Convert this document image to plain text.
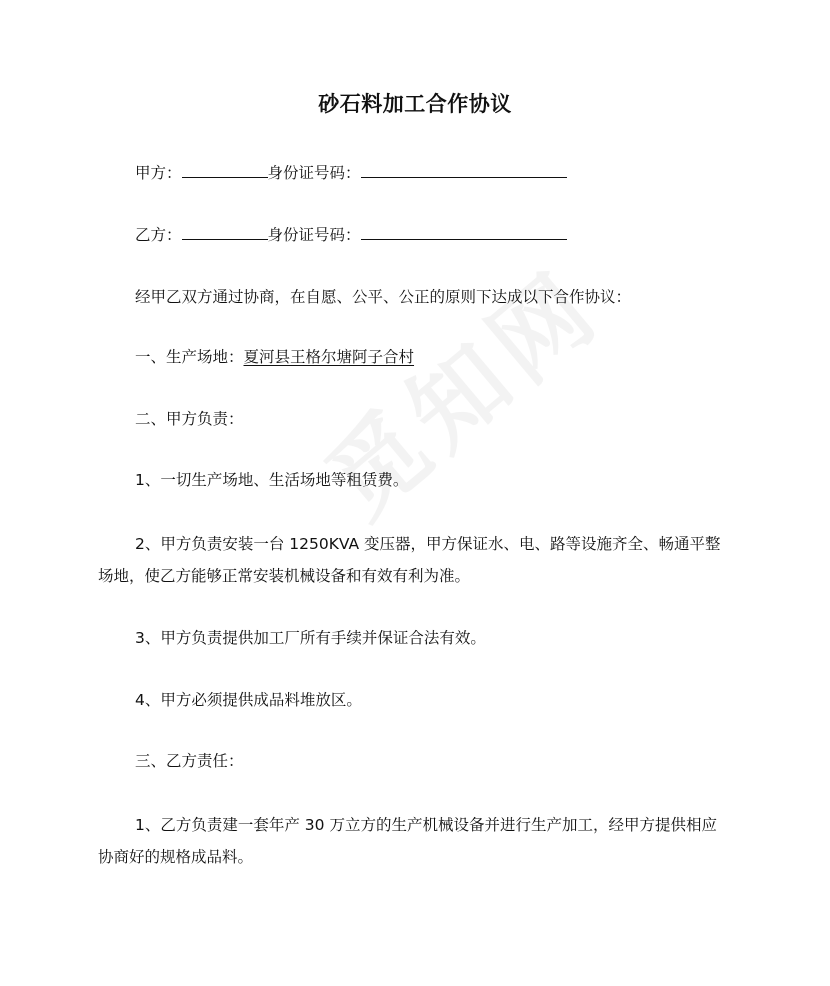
砂石料加工合作协议
甲方：	身份证号码：
乙方：	身份证号码：
经甲乙双方通过协商，在自愿、公平、公正的原则下达成以下合作协议：
一、生产场地：夏河县王格尔塘阿子合村
二、甲方负责：
1、一切生产场地、生活场地等租赁费。
2、甲方负责安装一台 1250KVA 变压器，甲方保证水、电、路等设施齐全、畅通平整
场地，使乙方能够正常安装机械设备和有效有利为准。
3、甲方负责提供加工厂所有手续并保证合法有效。
4、甲方必须提供成品料堆放区。
三、乙方责任：
1、乙方负责建一套年产 30 万立方的生产机械设备并进行生产加工，经甲方提供相应
协商好的规格成品料。
